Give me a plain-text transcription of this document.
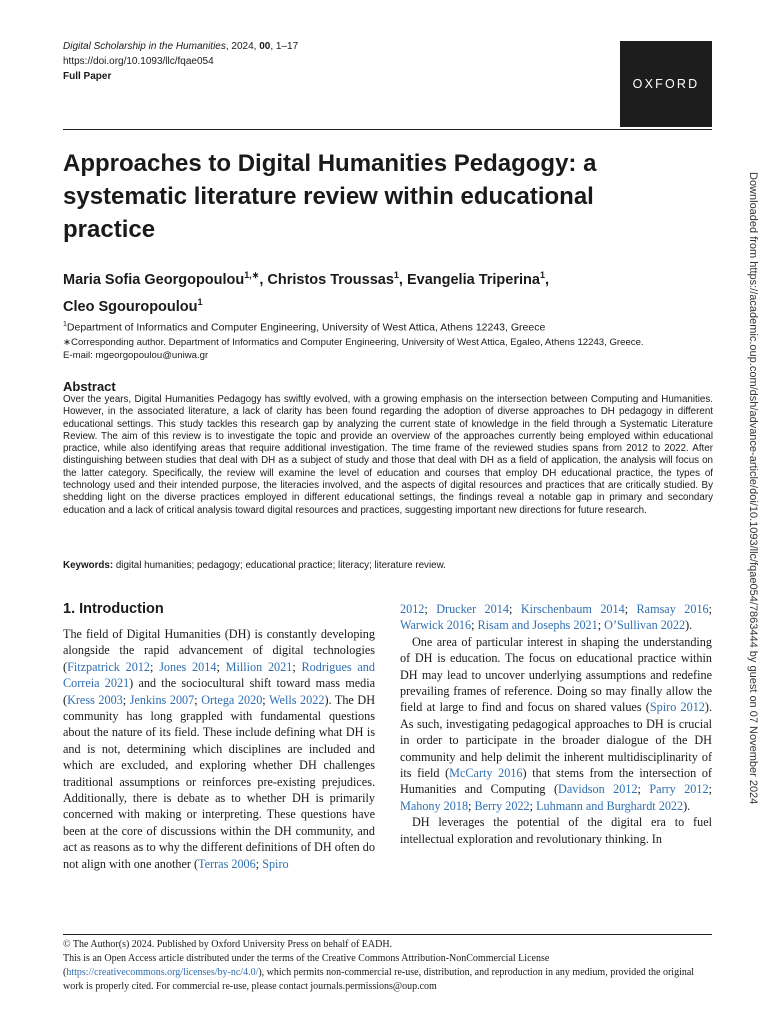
Digital Scholarship in the Humanities, 2024, 00, 1–17
https://doi.org/10.1093/llc/fqae054
Full Paper
OXFORD
Approaches to Digital Humanities Pedagogy: a systematic literature review within educational practice
Maria Sofia Georgopoulou$^{1,∗}$, Christos Troussas$^1$, Evangelia Triperina$^1$,
Cleo Sgouropoulou$^1$
$^1$Department of Informatics and Computer Engineering, University of West Attica, Athens 12243, Greece
∗Corresponding author. Department of Informatics and Computer Engineering, University of West Attica, Egaleo, Athens 12243, Greece.
E-mail: mgeorgopoulou@uniwa.gr
Abstract
Over the years, Digital Humanities Pedagogy has swiftly evolved, with a growing emphasis on the intersection between Computing and Humanities. However, in the associated literature, a lack of clarity has been found regarding the adoption of diverse approaches to DH pedagogy in different educational settings. This study tackles this research gap by analyzing the current state of knowledge in the field through a Systematic Literature Review. The aim of this review is to investigate the topic and provide an overview of the approaches currently being employed within educational practice, while also identifying areas that require additional investigation. The time frame of the reviewed studies spans from 2012 to 2022. After distinguishing between studies that deal with DH as a subject of study and those that deal with DH as a field of application, the analysis will focus on the latter category. Specifically, the review will examine the level of education and courses that employ DH educational practice, the types of technology used and their intended purpose, the literacies involved, and the aspects of digital resources and practices that are critically studied. By shedding light on the diverse practices employed in different educational settings, the findings reveal a notable gap in primary and secondary education and a lack of critical analysis toward digital resources and practices, suggesting important new directions for future research.
Keywords: digital humanities; pedagogy; educational practice; literacy; literature review.
1. Introduction

The field of Digital Humanities (DH) is constantly developing alongside the rapid advancement of digital technologies (Fitzpatrick 2012; Jones 2014; Million 2021; Rodrigues and Correia 2021) and the sociocultural shift toward mass media (Kress 2003; Jenkins 2007; Ortega 2020; Wells 2022). The DH community has long grappled with fundamental questions about the nature of its field. These include defining what DH is and is not, determining which disciplines are included and which are excluded, and exploring whether DH challenges traditional assumptions or reinforces pre-existing prejudices. Additionally, there is debate as to whether DH is primarily concerned with making or interpreting. These questions have been at the core of discussions within the DH community, and act as reasons as to why the different definitions of DH often do not align with one another (Terras 2006; Spiro

2012; Drucker 2014; Kirschenbaum 2014; Ramsay 2016; Warwick 2016; Risam and Josephs 2021; O’Sullivan 2022).

One area of particular interest in shaping the understanding of DH is education. The focus on educational practice within DH may lead to uncover underlying assumptions and redefine prevailing frames of reference. Doing so may finally allow the field at large to find and focus on shared values (Spiro 2012). As such, investigating pedagogical approaches to DH is crucial in order to participate in the broader dialogue of the DH community and help delimit the inherent multidisciplinarity of its field (McCarty 2016) that stems from the intersection of Humanities and Computing (Davidson 2012; Parry 2012; Mahony 2018; Berry 2022; Luhmann and Burghardt 2022).

DH leverages the potential of the digital era to fuel intellectual exploration and revolutionary thinking. In

© The Author(s) 2024. Published by Oxford University Press on behalf of EADH.
This is an Open Access article distributed under the terms of the Creative Commons Attribution-NonCommercial License (https://creativecommons.org/licenses/by-nc/4.0/), which permits non-commercial re-use, distribution, and reproduction in any medium, provided the original work is properly cited. For commercial re-use, please contact journals.permissions@oup.com
Downloaded from https://academic.oup.com/dsh/advance-article/doi/10.1093/llc/fqae054/7863444 by guest on 07 November 2024
